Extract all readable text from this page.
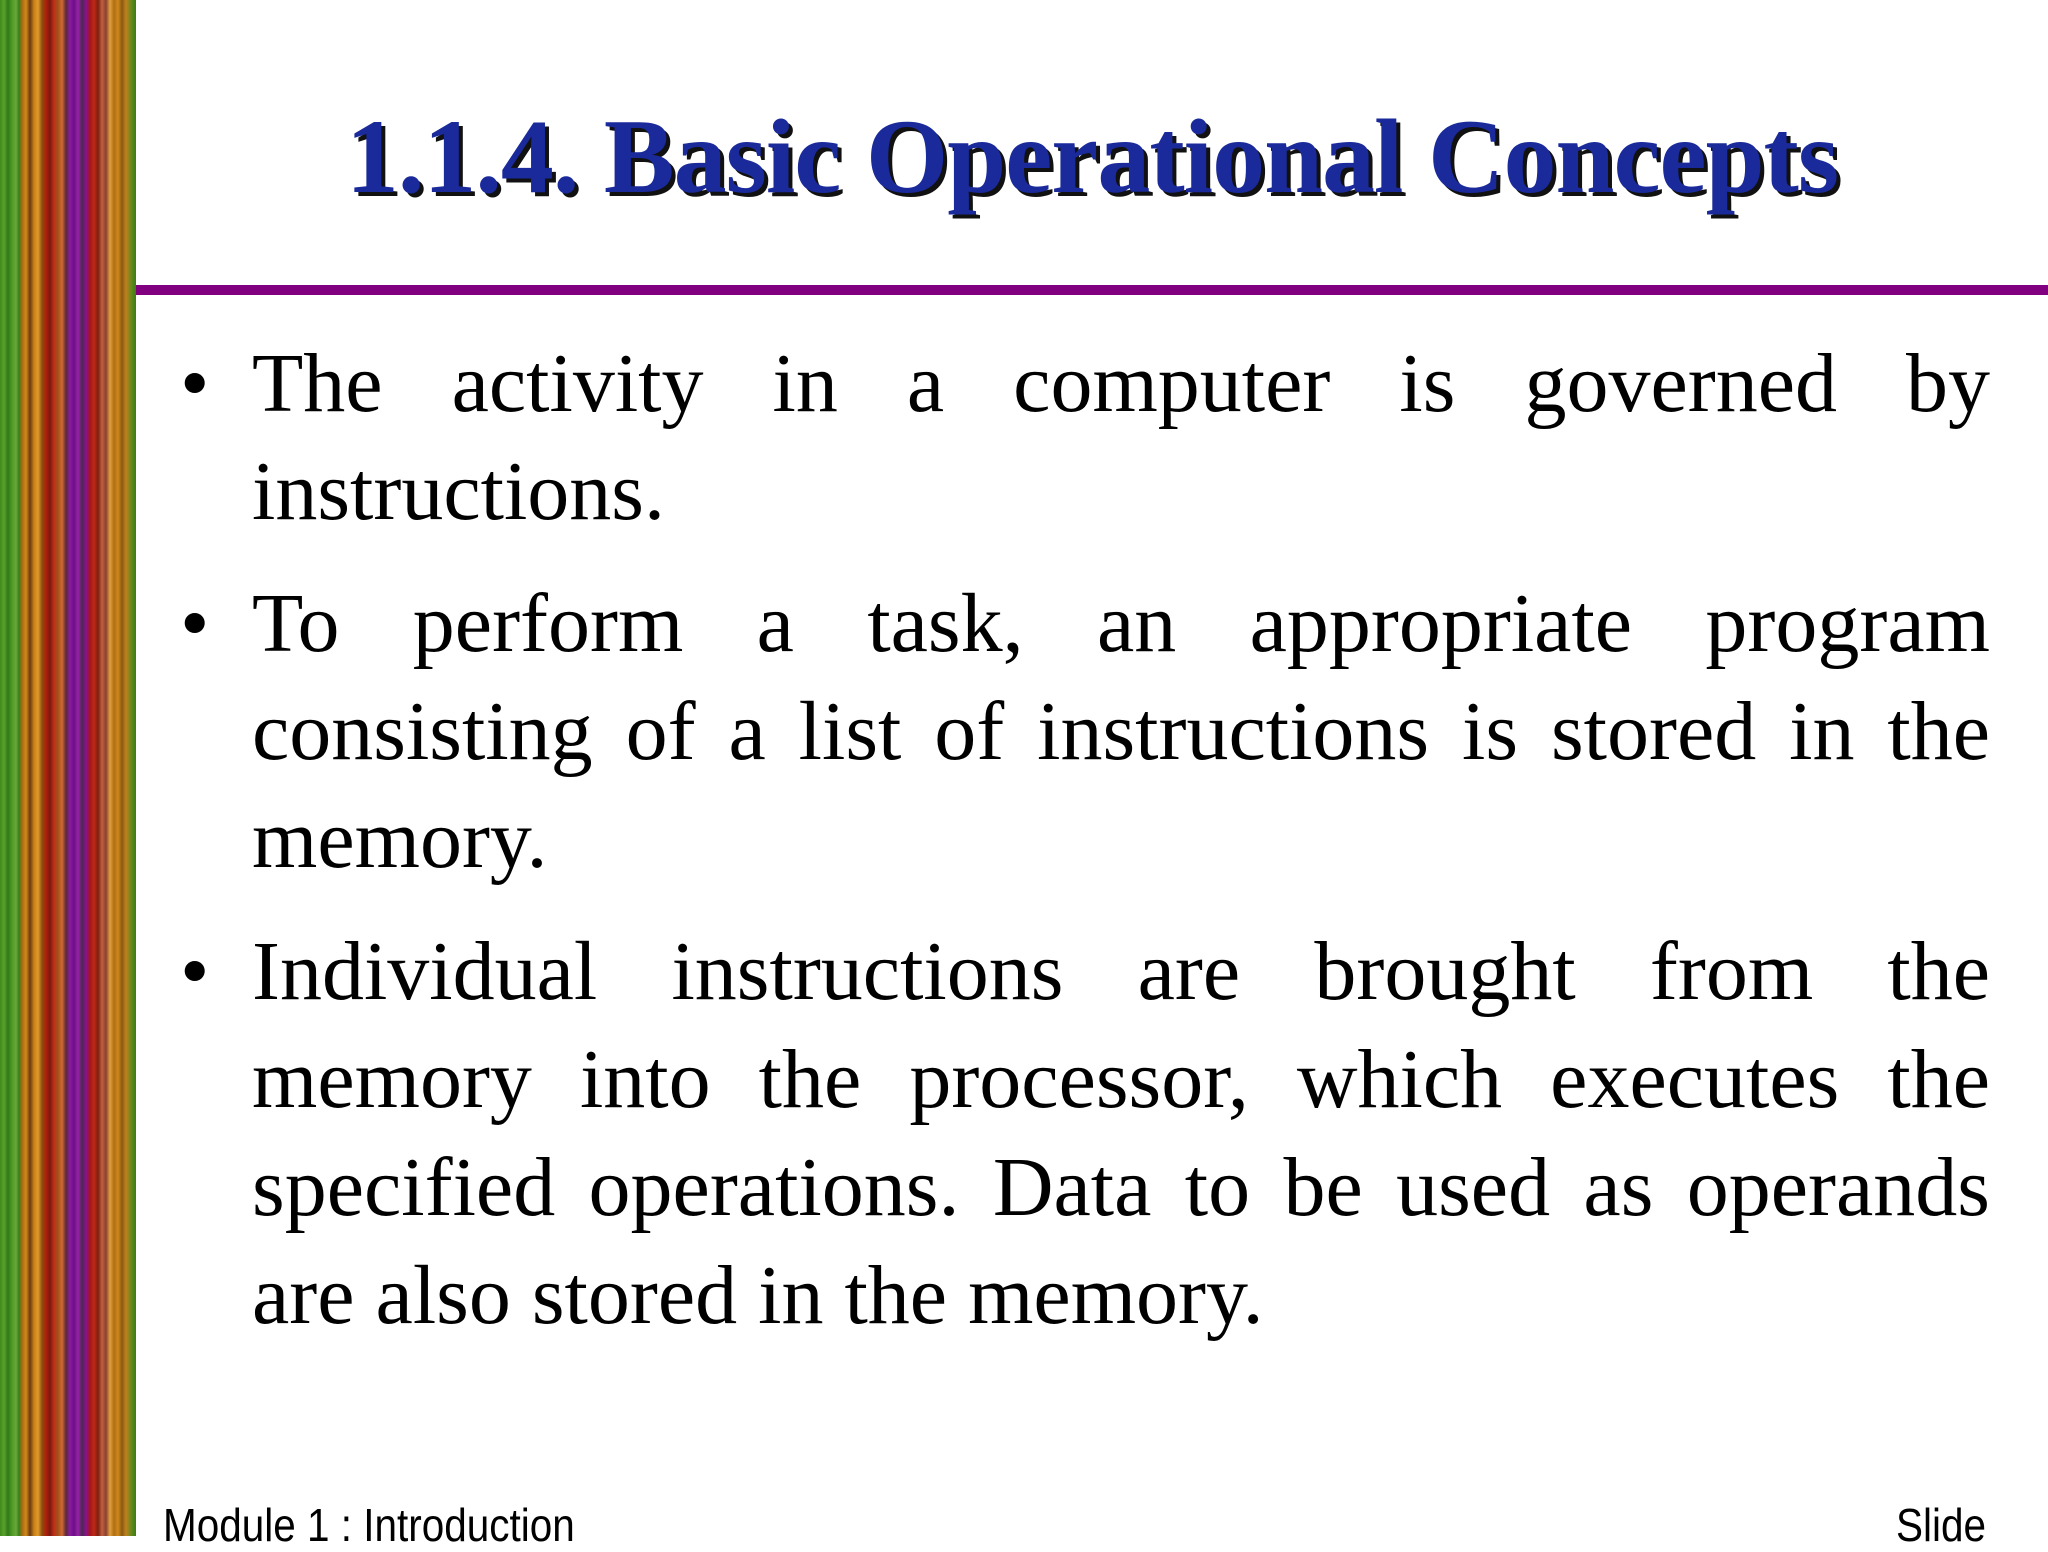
1.1.4. Basic Operational Concepts
• The activity in a computer is governed by instructions.
• To perform a task, an appropriate program consisting of a list of instructions is stored in the memory.
• Individual instructions are brought from the memory into the processor, which executes the specified operations. Data to be used as operands are also stored in the memory.
Module 1 : Introduction	Slide
